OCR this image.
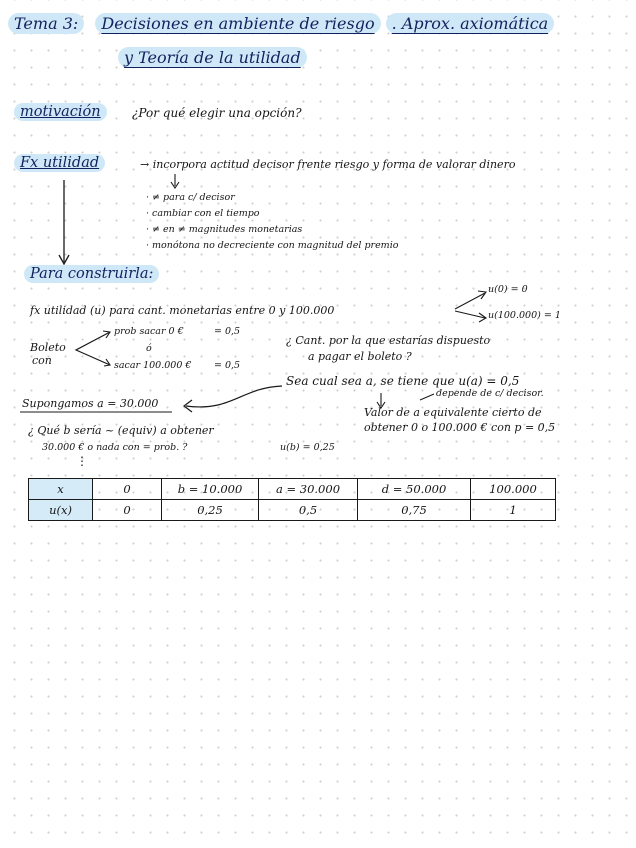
Tema 3: Decisiones en ambiente de riesgo . Aprox. axiomática
y Teoría de la utilidad
motivación	¿Por qué elegir una opción?
Fx utilidad	→ incorpora actitud decisor frente riesgo y forma de valorar dinero
· ≠ para c/ decisor
· cambiar con el tiempo
· ≠ en ≠ magnitudes monetarias
· monótona no decreciente con magnitud del premio
Para construirla:
fx utilidad (u) para cant. monetarias entre 0 y 100.000
u(0) = 0
u(100.000) = 1
Boleto
con
prob sacar 0 €	= 0,5
ó
sacar 100.000 € = 0,5
¿ Cant. por la que estarías dispuesto
a pagar el boleto ?
Sea cual sea a, se tiene que u(a) = 0,5
depende de c/ decisor.
Valor de a equivalente cierto de
obtener 0 o 100.000 € con p = 0,5
Supongamos a = 30.000
¿ Qué b sería ~ (equiv) a obtener
30.000 € o nada con = prob. ?	u(b) = 0,25
⋮
x	0	b = 10.000	a = 30.000	d = 50.000	100.000
u(x)	0	0,25	0,5	0,75	1
